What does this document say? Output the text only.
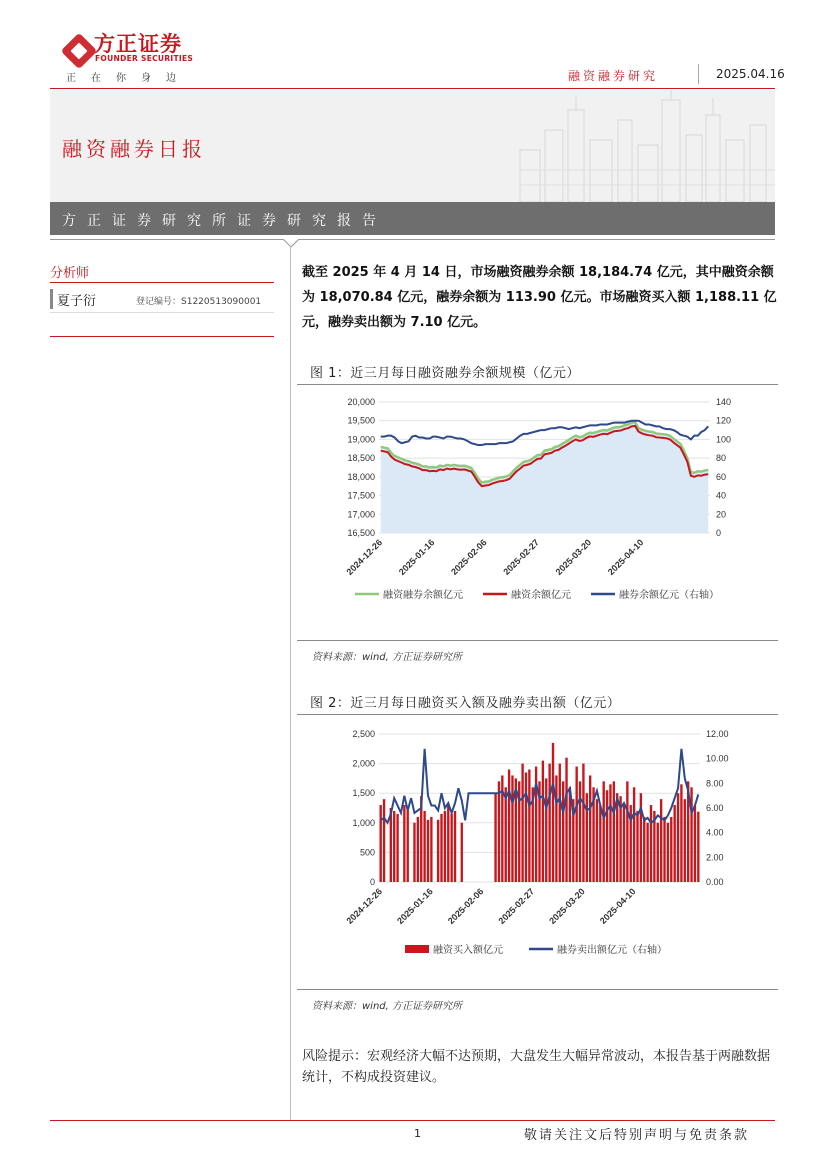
方正证券
FOUNDER SECURITIES
正在你身边	融资融券研究	2025.04.16
融资融券日报
方正证券研究所证券研究报告
分析师
夏子衍	登记编号：S1220513090001
截至 2025 年 4 月 14 日，市场融资融券余额 18,184.74 亿元，其中融资余额为 18,070.84 亿元，融券余额为 113.90 亿元。市场融资买入额 1,188.11 亿元，融券卖出额为 7.10 亿元。
图 1：近三月每日融资融券余额规模（亿元）
16,500
17,000
17,500
18,000
18,500
19,000
19,500
20,000
0
20
40
60
80
100
120
140
2024-12-26 2025-01-16 2025-02-06 2025-02-27 2025-03-20 2025-04-10
融资融券余额亿元	融资余额亿元	融券余额亿元（右轴）
资料来源：wind, 方正证券研究所
图 2：近三月每日融资买入额及融券卖出额（亿元）
0
500
1,000
1,500
2,000
2,500
0.00
2.00
4.00
6.00
8.00
10.00
12.00
2024-12-26 2025-01-16 2025-02-06 2025-02-27 2025-03-20 2025-04-10
融资买入额亿元	融券卖出额亿元（右轴）
资料来源：wind, 方正证券研究所
风险提示：宏观经济大幅不达预期，大盘发生大幅异常波动，本报告基于两融数据统计，不构成投资建议。
1	敬请关注文后特别声明与免责条款
